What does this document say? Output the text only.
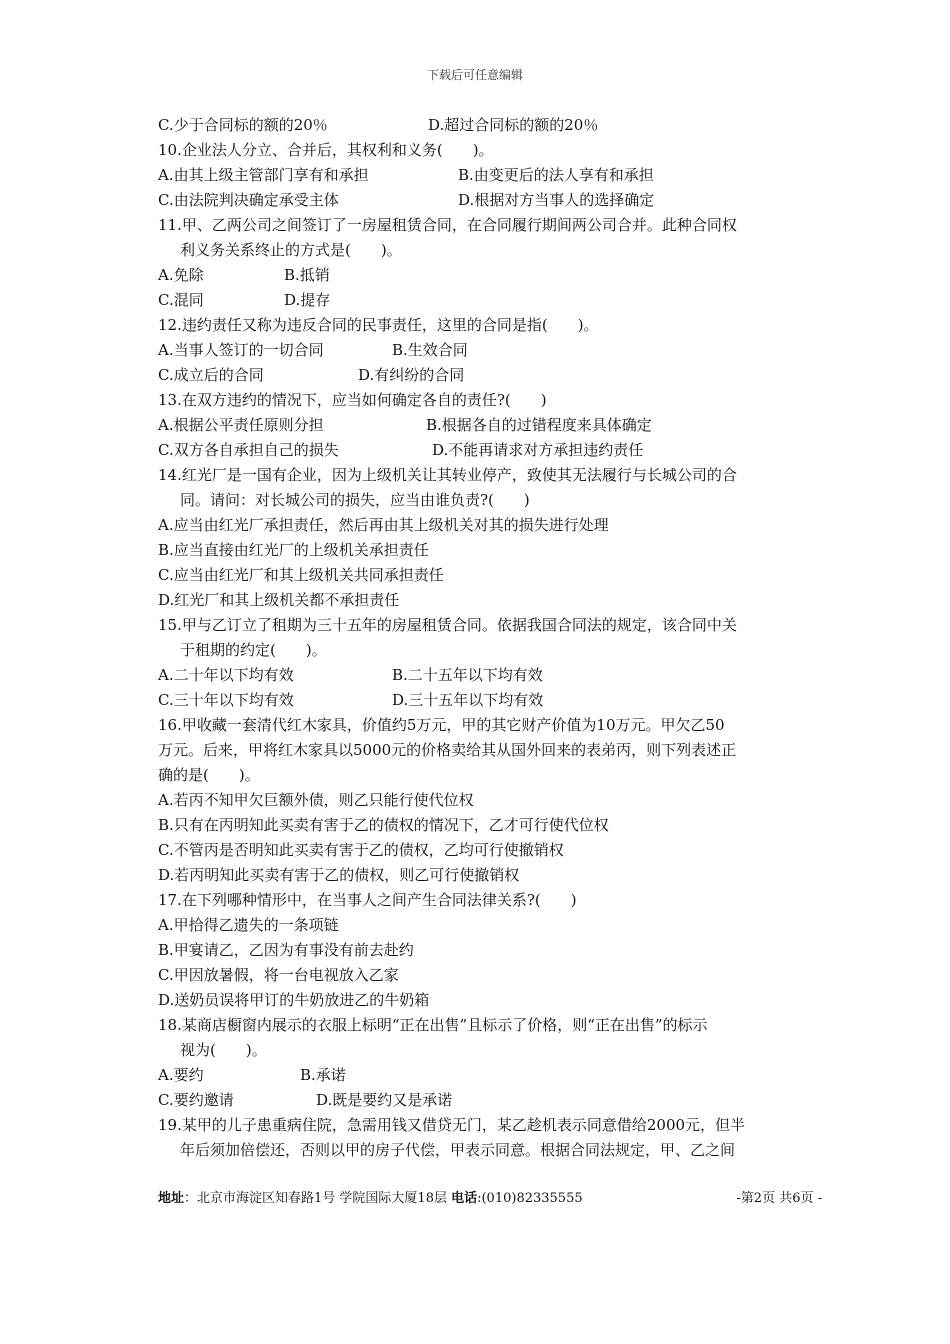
下载后可任意编辑
C.少于合同标的额的20％	D.超过合同标的额的20％
10.企业法人分立、合并后，其权利和义务(　　)。
A.由其上级主管部门享有和承担	B.由变更后的法人享有和承担
C.由法院判决确定承受主体	D.根据对方当事人的选择确定
11.甲、乙两公司之间签订了一房屋租赁合同，在合同履行期间两公司合并。此种合同权
利义务关系终止的方式是(　　)。
A.免除	B.抵销
C.混同	D.提存
12.违约责任又称为违反合同的民事责任，这里的合同是指(　　)。
A.当事人签订的一切合同	B.生效合同
C.成立后的合同	D.有纠纷的合同
13.在双方违约的情况下，应当如何确定各自的责任?(　　)
A.根据公平责任原则分担	B.根据各自的过错程度来具体确定
C.双方各自承担自己的损失	D.不能再请求对方承担违约责任
14.红光厂是一国有企业，因为上级机关让其转业停产，致使其无法履行与长城公司的合
同。请问：对长城公司的损失，应当由谁负责?(　　)
A.应当由红光厂承担责任，然后再由其上级机关对其的损失进行处理
B.应当直接由红光厂的上级机关承担责任
C.应当由红光厂和其上级机关共同承担责任
D.红光厂和其上级机关都不承担责任
15.甲与乙订立了租期为三十五年的房屋租赁合同。依据我国合同法的规定，该合同中关
于租期的约定(　　)。
A.二十年以下均有效	B.二十五年以下均有效
C.三十年以下均有效	D.三十五年以下均有效
16.甲收藏一套清代红木家具，价值约5万元，甲的其它财产价值为10万元。甲欠乙50
万元。后来，甲将红木家具以5000元的价格卖给其从国外回来的表弟丙，则下列表述正
确的是(　　)。
A.若丙不知甲欠巨额外债，则乙只能行使代位权
B.只有在丙明知此买卖有害于乙的债权的情况下，乙才可行使代位权
C.不管丙是否明知此买卖有害于乙的债权，乙均可行使撤销权
D.若丙明知此买卖有害于乙的债权，则乙可行使撤销权
17.在下列哪种情形中，在当事人之间产生合同法律关系?(　　)
A.甲拾得乙遗失的一条项链
B.甲宴请乙，乙因为有事没有前去赴约
C.甲因放暑假，将一台电视放入乙家
D.送奶员误将甲订的牛奶放进乙的牛奶箱
18.某商店橱窗内展示的衣服上标明“正在出售”且标示了价格，则“正在出售”的标示
视为(　　)。
A.要约	B.承诺
C.要约邀请	D.既是要约又是承诺
19.某甲的儿子患重病住院，急需用钱又借贷无门，某乙趁机表示同意借给2000元，但半
年后须加倍偿还，否则以甲的房子代偿，甲表示同意。根据合同法规定，甲、乙之间
地址：北京市海淀区知春路1号 学院国际大厦18层 电话:(010)82335555	-第2页 共6页 -
